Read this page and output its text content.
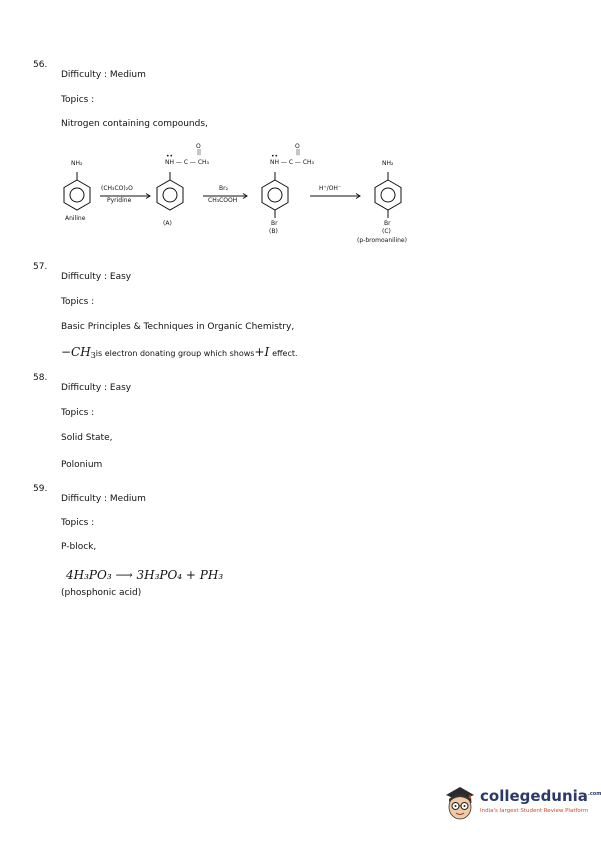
56.
Difficulty : Medium
Topics :
Nitrogen containing compounds,
NH₂
Aniline
(CH₃CO)₂O
Pyridine
O
||
••
NH — C — CH₃
(A)
Br₂
CH₃COOH
O
||
••
NH — C — CH₃
Br
(B)
H⁺/OH⁻
NH₂
Br
(C)
(p-bromoaniline)
57.
Difficulty : Easy
Topics :
Basic Principles & Techniques in Organic Chemistry,
$-CH_3is$ electron donating group which shows+I effect.
58.
Difficulty : Easy
Topics :
Solid State,
Polonium
59.
Difficulty : Medium
Topics :
P-block,
4H₃PO₃ ⟶ 3H₃PO₄ + PH₃
(phosphonic acid)
collegedunia$^{.com}$
India's largest Student Review Platform
